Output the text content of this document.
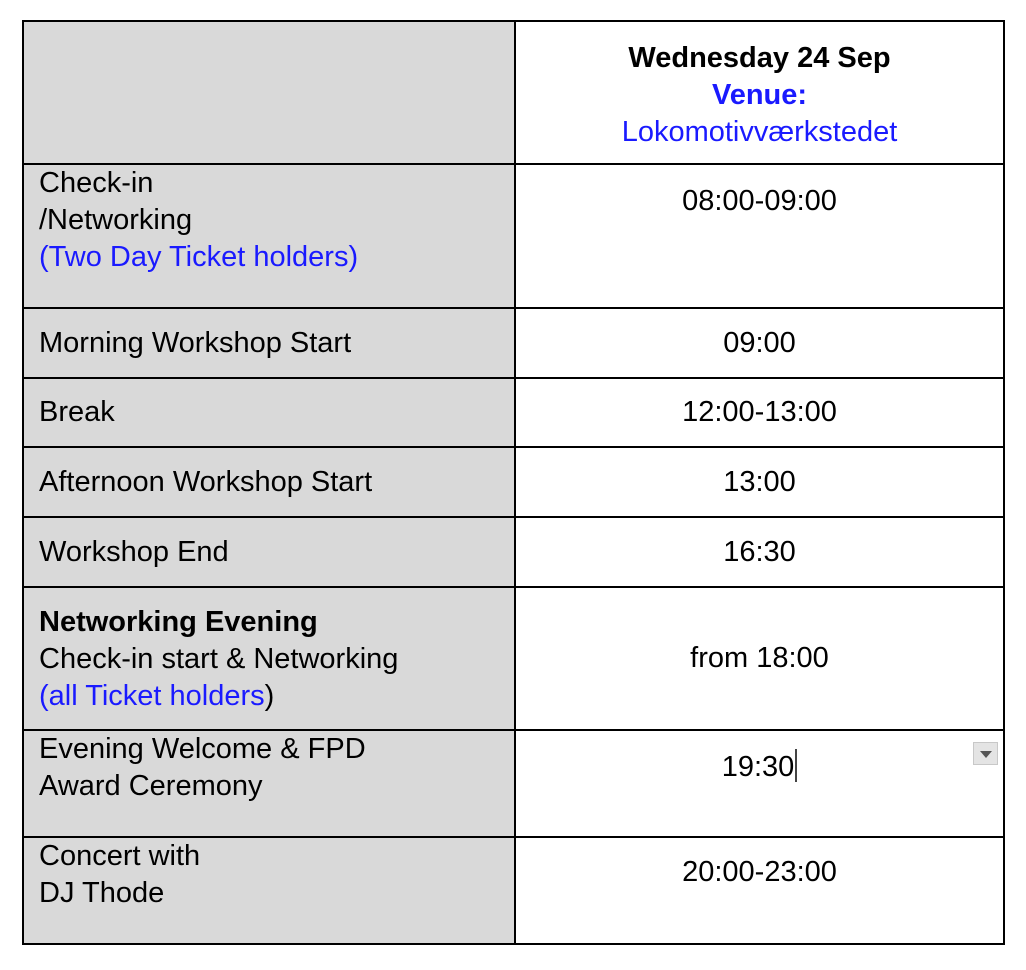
	Wednesday 24 Sep
Venue:
Lokomotivværkstedet

Check-in
/Networking
(Two Day Ticket holders)	08:00-09:00
Morning Workshop Start	09:00
Break	12:00-13:00
Afternoon Workshop Start	13:00
Workshop End	16:30

Networking Evening
Check-in start & Networking
(all Ticket holders)	from 18:00

Evening Welcome & FPD
Award Ceremony	19:30

Concert with
DJ Thode	20:00-23:00
